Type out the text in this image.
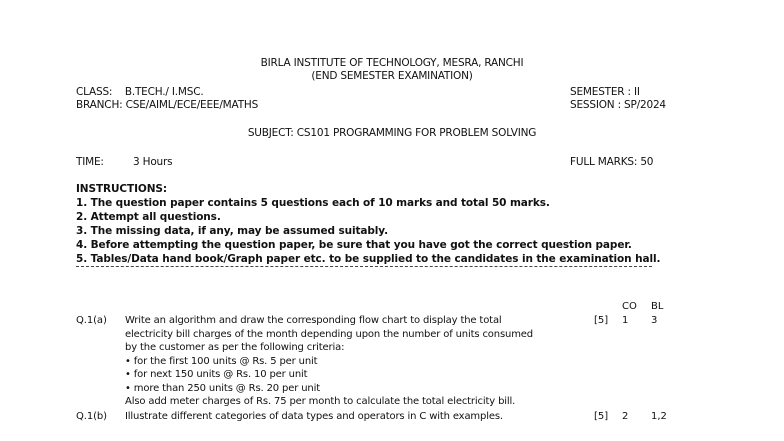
BIRLA INSTITUTE OF TECHNOLOGY, MESRA, RANCHI
(END SEMESTER EXAMINATION)
CLASS:    B.TECH./ I.MSC.
BRANCH: CSE/AIML/ECE/EEE/MATHS
SEMESTER : II
SESSION : SP/2024
SUBJECT: CS101 PROGRAMMING FOR PROBLEM SOLVING
TIME:	3 Hours	FULL MARKS: 50
INSTRUCTIONS:
1. The question paper contains 5 questions each of 10 marks and total 50 marks.
2. Attempt all questions.
3. The missing data, if any, may be assumed suitably.
4. Before attempting the question paper, be sure that you have got the correct question paper.
5. Tables/Data hand book/Graph paper etc. to be supplied to the candidates in the examination hall.
CO BL
Q.1(a) Write an algorithm and draw the corresponding flow chart to display the total
electricity bill charges of the month depending upon the number of units consumed
by the customer as per the following criteria:
• for the first 100 units @ Rs. 5 per unit
• for next 150 units @ Rs. 10 per unit
• more than 250 units @ Rs. 20 per unit
Also add meter charges of Rs. 75 per month to calculate the total electricity bill.
[5] 1 3
Q.1(b) Illustrate different categories of data types and operators in C with examples.	[5] 2 1,2
